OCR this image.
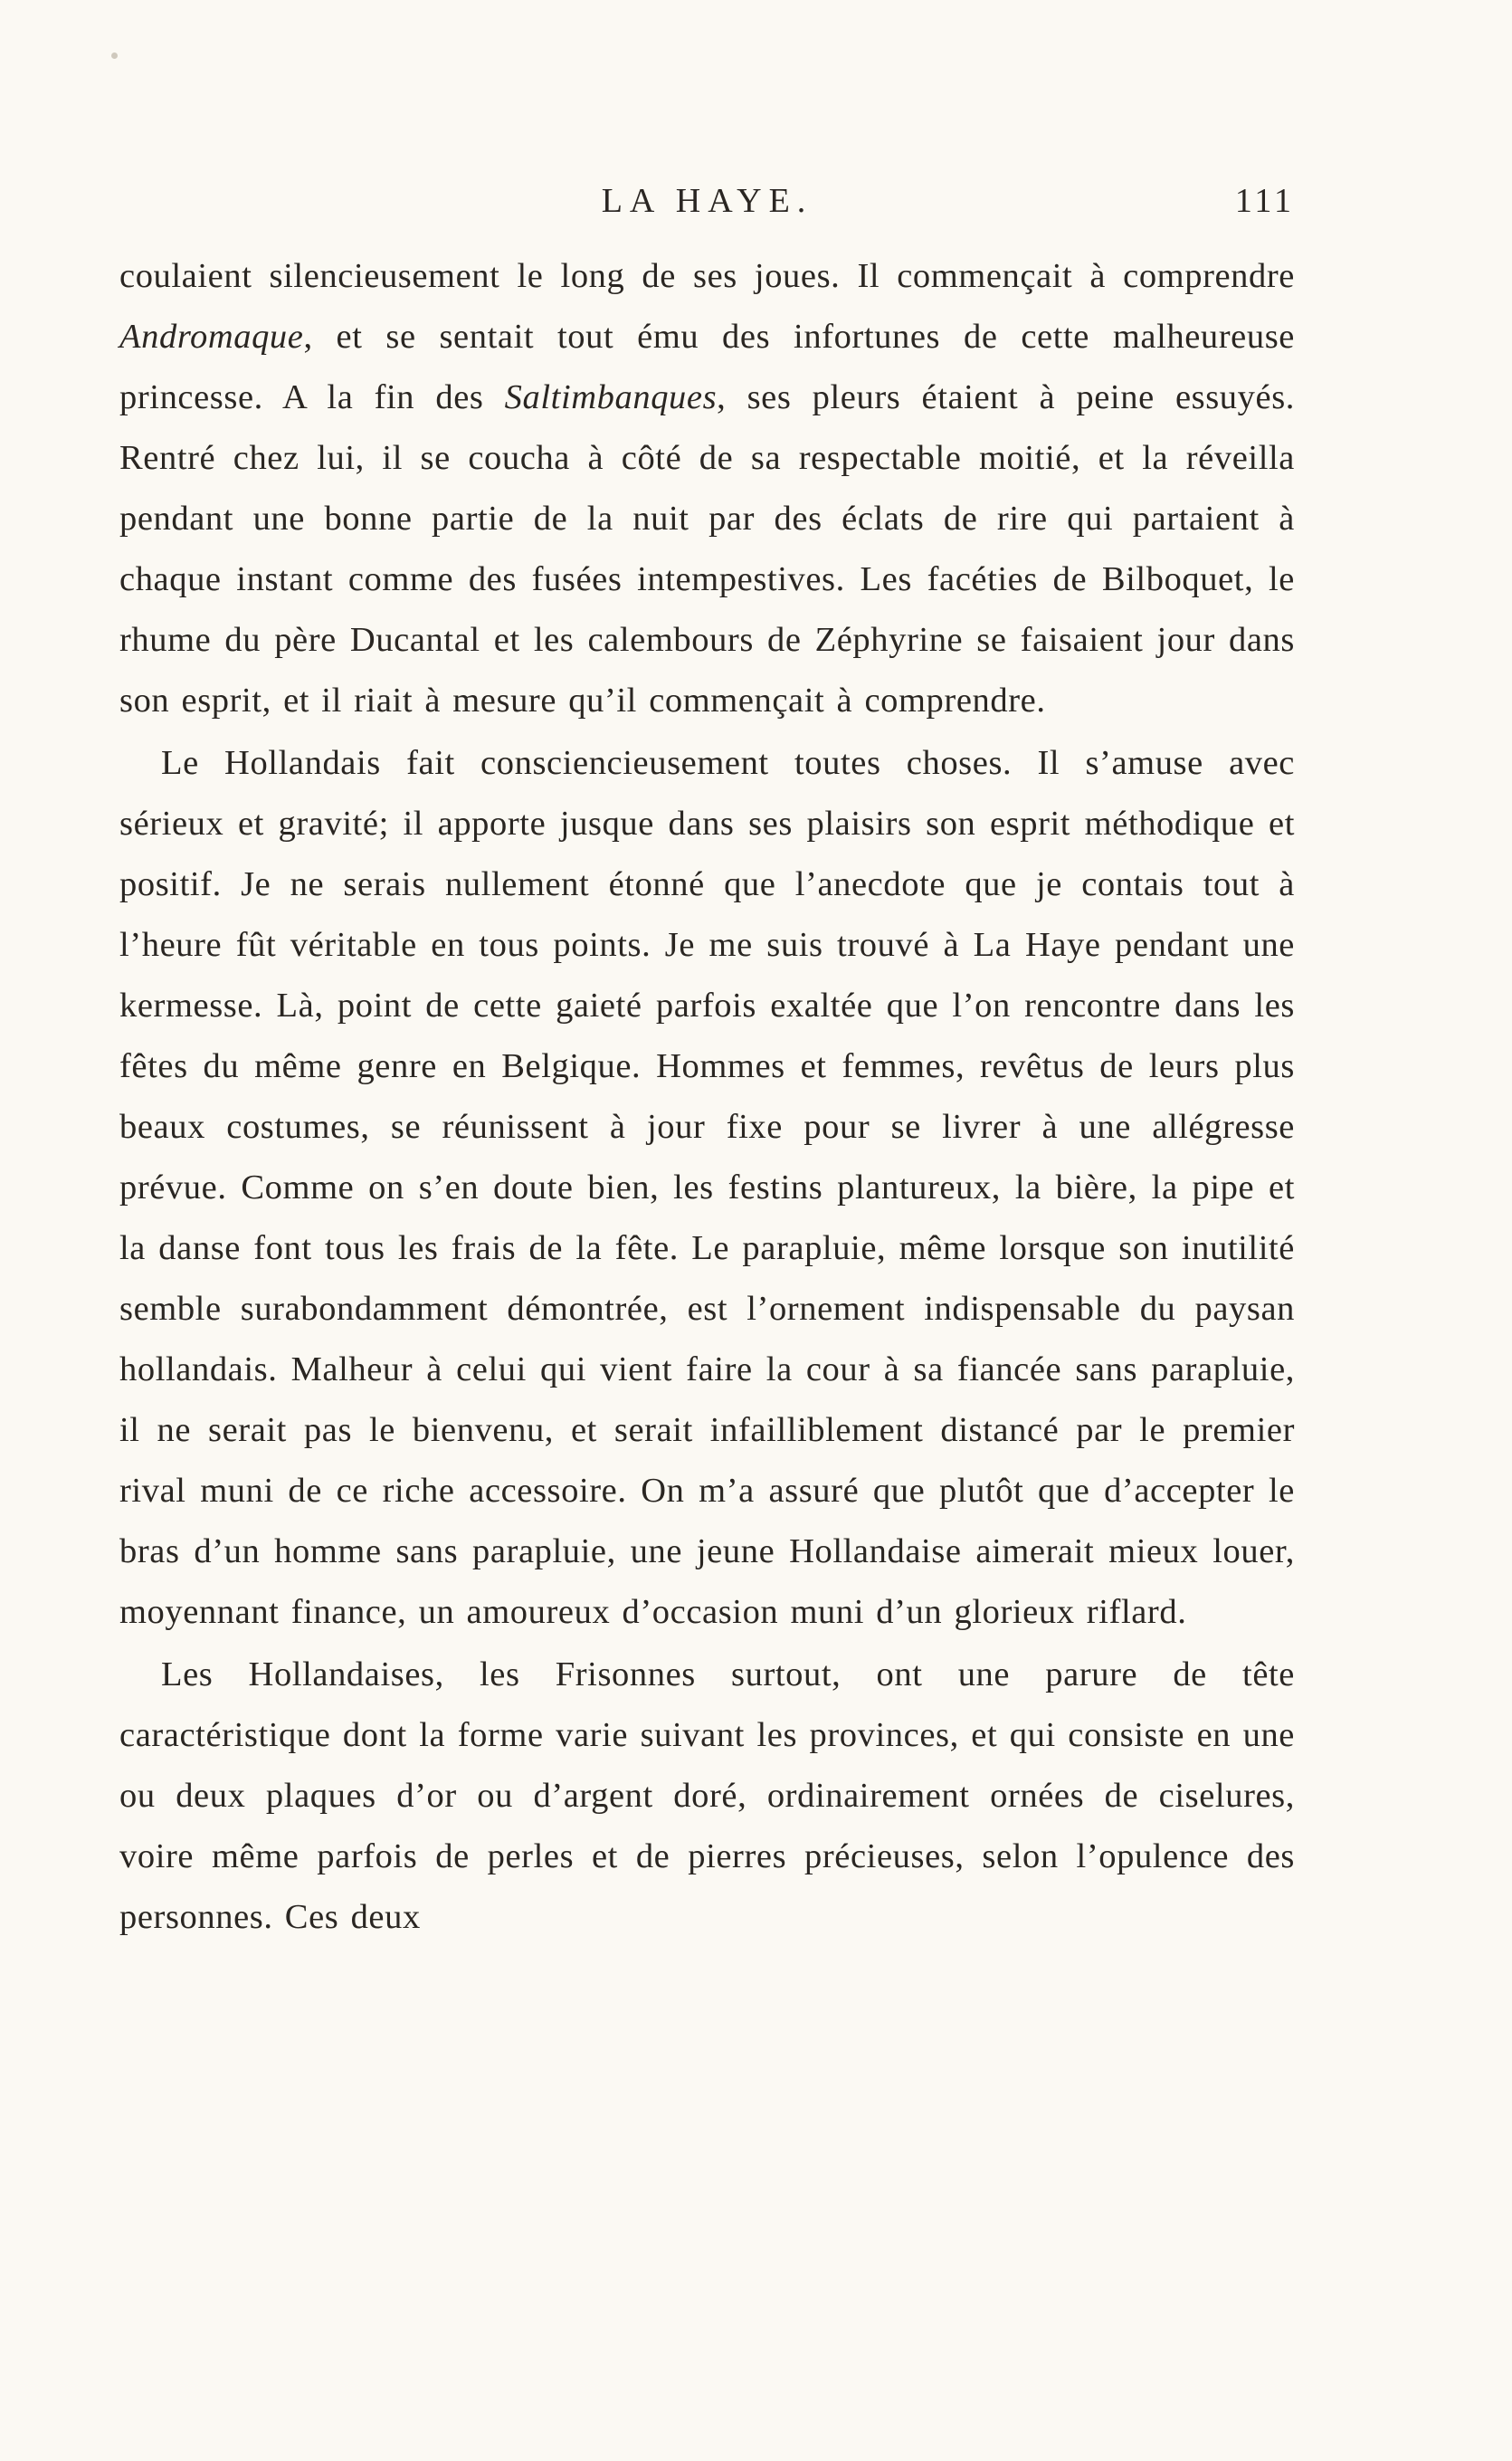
LA HAYE.	111

coulaient silencieusement le long de ses joues. Il commençait à comprendre Andromaque, et se sentait tout ému des infortunes de cette malheureuse princesse. A la fin des Saltimbanques, ses pleurs étaient à peine essuyés. Rentré chez lui, il se coucha à côté de sa respectable moitié, et la réveilla pendant une bonne partie de la nuit par des éclats de rire qui partaient à chaque instant comme des fusées intempestives. Les facéties de Bilboquet, le rhume du père Ducantal et les calembours de Zéphyrine se faisaient jour dans son esprit, et il riait à mesure qu’il commençait à comprendre.

Le Hollandais fait consciencieusement toutes choses. Il s’amuse avec sérieux et gravité; il apporte jusque dans ses plaisirs son esprit méthodique et positif. Je ne serais nullement étonné que l’anecdote que je contais tout à l’heure fût véritable en tous points. Je me suis trouvé à La Haye pendant une kermesse. Là, point de cette gaieté parfois exaltée que l’on rencontre dans les fêtes du même genre en Belgique. Hommes et femmes, revêtus de leurs plus beaux costumes, se réunissent à jour fixe pour se livrer à une allégresse prévue. Comme on s’en doute bien, les festins plantureux, la bière, la pipe et la danse font tous les frais de la fête. Le parapluie, même lorsque son inutilité semble surabondamment démontrée, est l’ornement indispensable du paysan hollandais. Malheur à celui qui vient faire la cour à sa fiancée sans parapluie, il ne serait pas le bienvenu, et serait infailliblement distancé par le premier rival muni de ce riche accessoire. On m’a assuré que plutôt que d’accepter le bras d’un homme sans parapluie, une jeune Hollandaise aimerait mieux louer, moyennant finance, un amoureux d’occasion muni d’un glorieux riflard.

Les Hollandaises, les Frisonnes surtout, ont une parure de tête caractéristique dont la forme varie suivant les provinces, et qui consiste en une ou deux plaques d’or ou d’argent doré, ordinairement ornées de ciselures, voire même parfois de perles et de pierres précieuses, selon l’opulence des personnes. Ces deux
